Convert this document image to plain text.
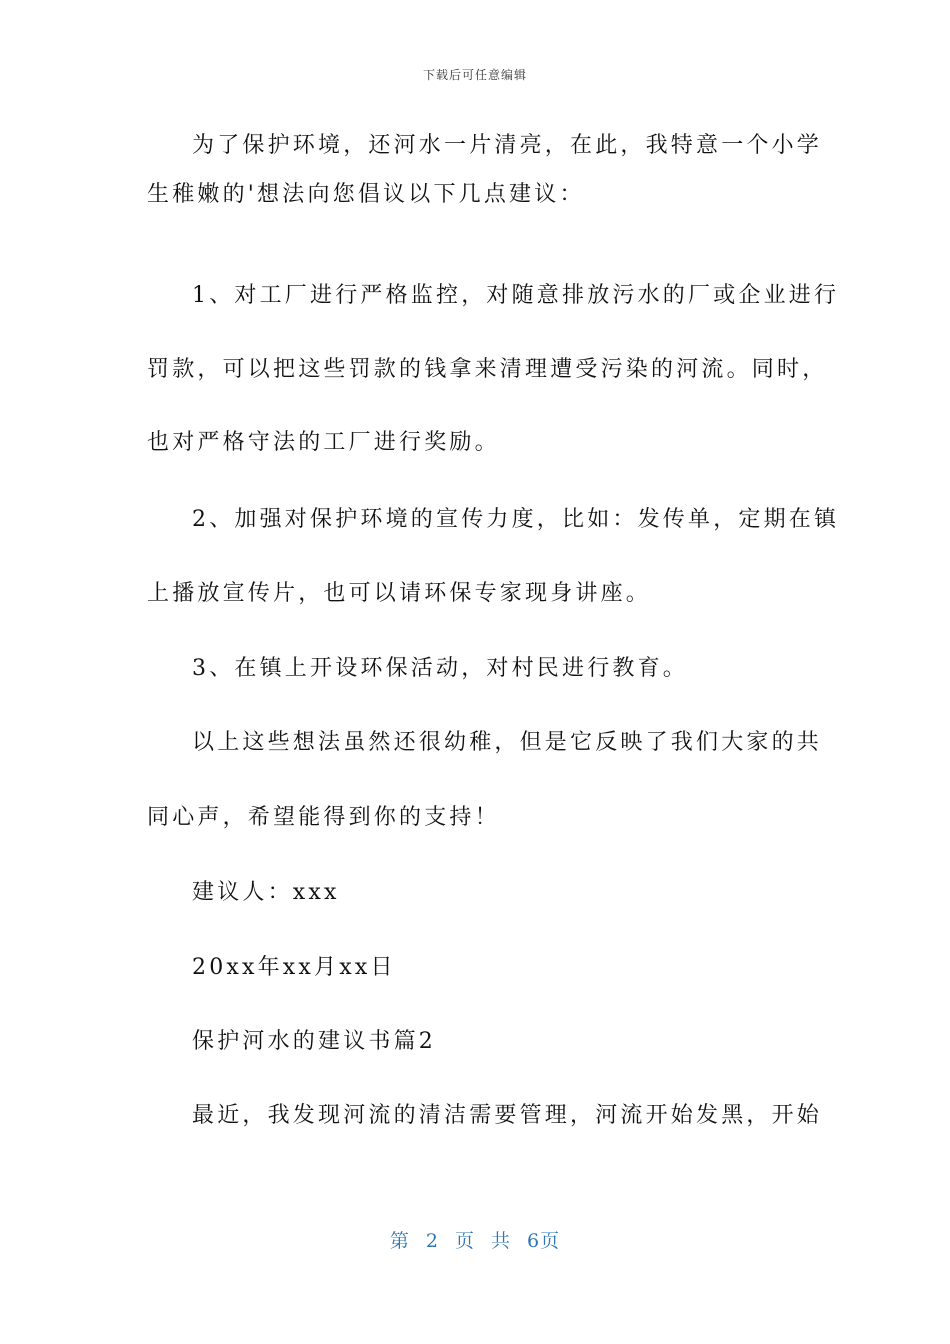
下载后可任意编辑
为了保护环境，还河水一片清亮，在此，我特意一个小学
生稚嫩的'想法向您倡议以下几点建议：
1、对工厂进行严格监控，对随意排放污水的厂或企业进行
罚款，可以把这些罚款的钱拿来清理遭受污染的河流。同时，
也对严格守法的工厂进行奖励。
2、加强对保护环境的宣传力度，比如：发传单，定期在镇
上播放宣传片，也可以请环保专家现身讲座。
3、在镇上开设环保活动，对村民进行教育。
以上这些想法虽然还很幼稚，但是它反映了我们大家的共
同心声，希望能得到你的支持！
建议人：xxx
20xx年xx月xx日
保护河水的建议书篇2
最近，我发现河流的清洁需要管理，河流开始发黑，开始
第 2 页 共 6页
